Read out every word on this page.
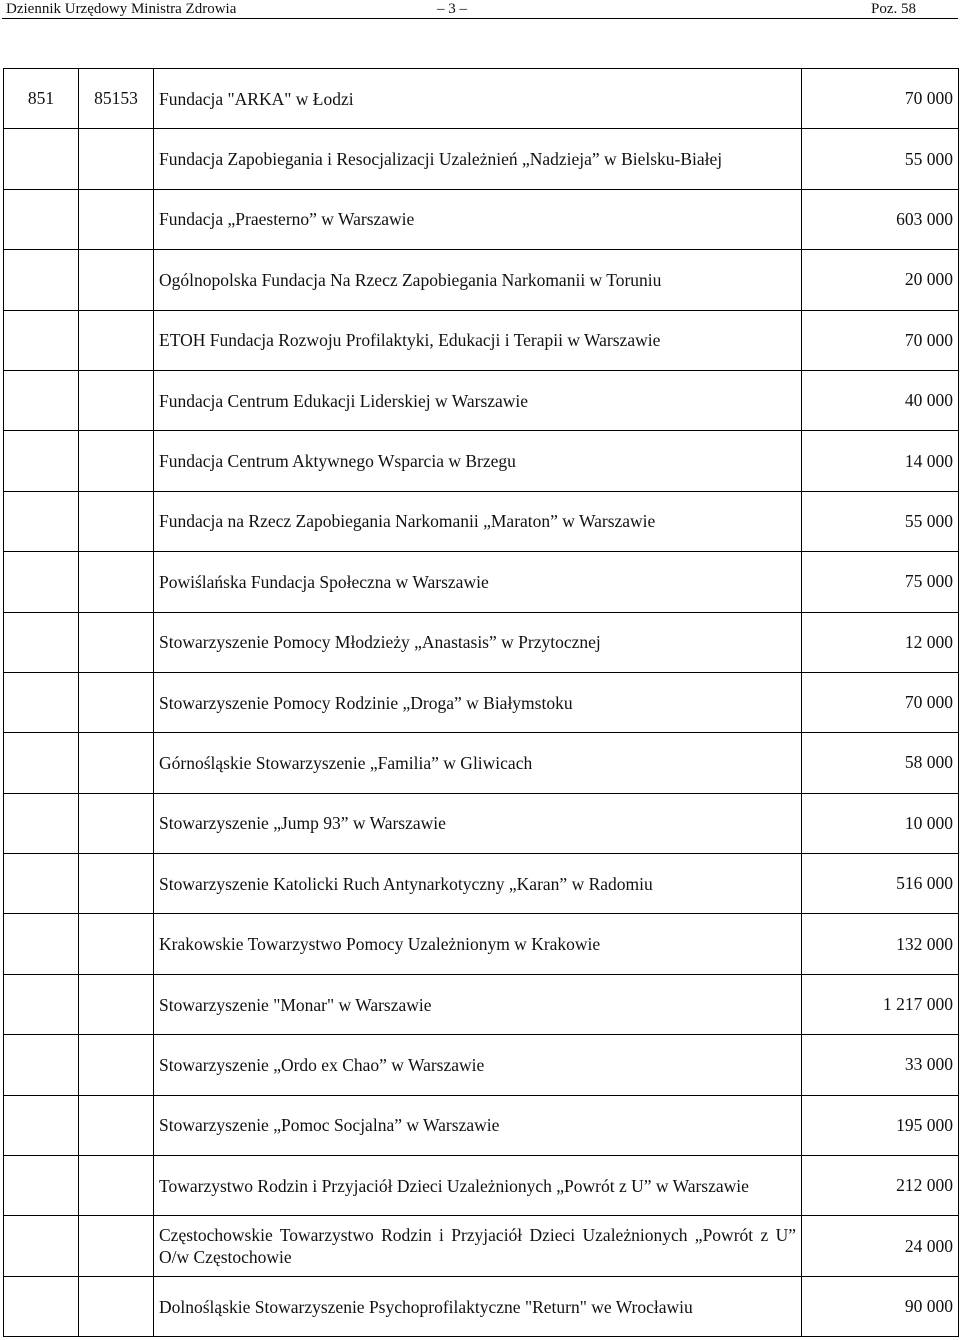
Dziennik Urzędowy Ministra Zdrowia	– 3 –	Poz. 58
851	85153	Fundacja "ARKA" w Łodzi	70 000
		Fundacja Zapobiegania i Resocjalizacji Uzależnień „Nadzieja” w Bielsku-Białej	55 000
		Fundacja „Praesterno” w Warszawie	603 000
		Ogólnopolska Fundacja Na Rzecz Zapobiegania Narkomanii w Toruniu	20 000
		ETOH Fundacja Rozwoju Profilaktyki, Edukacji i Terapii w Warszawie	70 000
		Fundacja Centrum Edukacji Liderskiej w Warszawie	40 000
		Fundacja Centrum Aktywnego Wsparcia w Brzegu	14 000
		Fundacja na Rzecz Zapobiegania Narkomanii „Maraton” w Warszawie	55 000
		Powiślańska Fundacja Społeczna w Warszawie	75 000
		Stowarzyszenie Pomocy Młodzieży „Anastasis” w Przytocznej	12 000
		Stowarzyszenie Pomocy Rodzinie „Droga” w Białymstoku	70 000
		Górnośląskie Stowarzyszenie „Familia” w Gliwicach	58 000
		Stowarzyszenie „Jump 93” w Warszawie	10 000
		Stowarzyszenie Katolicki Ruch Antynarkotyczny „Karan” w Radomiu	516 000
		Krakowskie Towarzystwo Pomocy Uzależnionym w Krakowie	132 000
		Stowarzyszenie "Monar" w Warszawie	1 217 000
		Stowarzyszenie „Ordo ex Chao” w Warszawie	33 000
		Stowarzyszenie „Pomoc Socjalna” w Warszawie	195 000
		Towarzystwo Rodzin i Przyjaciół Dzieci Uzależnionych „Powrót z U” w Warszawie	212 000
		Częstochowskie Towarzystwo Rodzin i Przyjaciół Dzieci Uzależnionych „Powrót z U” O/w Częstochowie	24 000
		Dolnośląskie Stowarzyszenie Psychoprofilaktyczne "Return" we Wrocławiu	90 000
